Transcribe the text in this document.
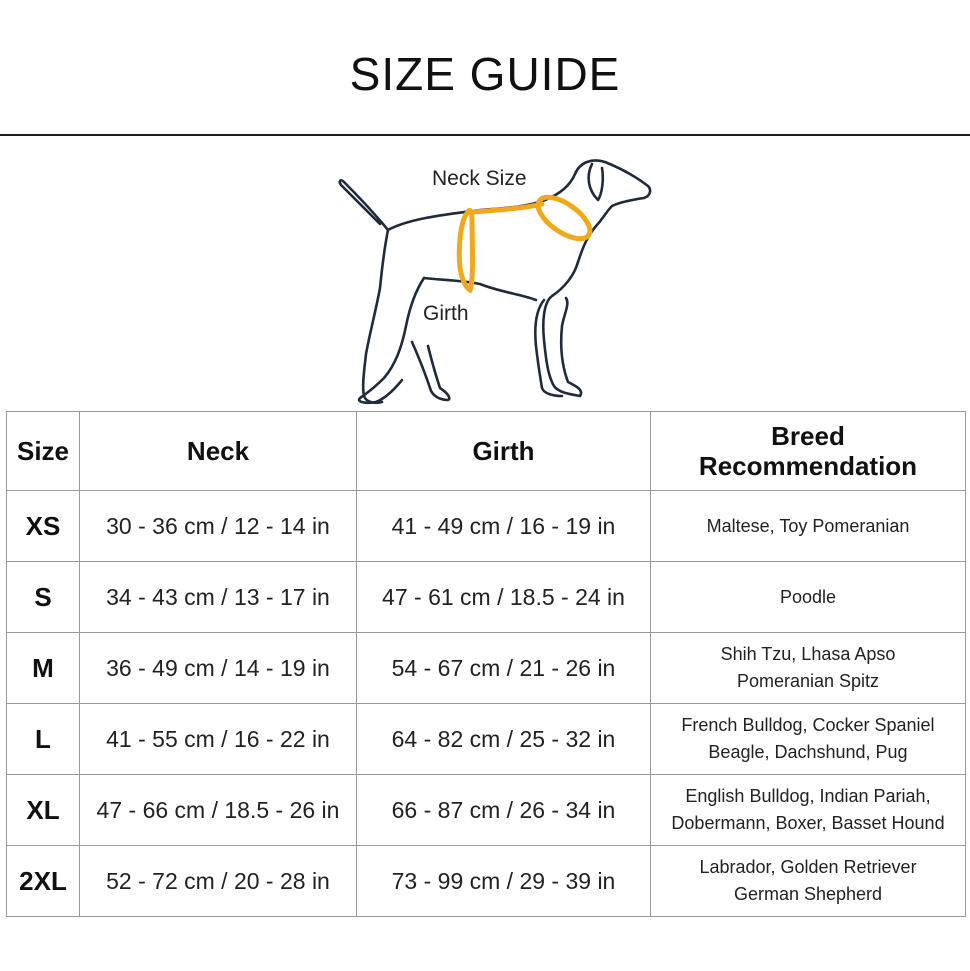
SIZE GUIDE
Neck Size
Girth
Size	Neck	Girth	Breed
Recommendation

XS	30 - 36 cm / 12 - 14 in	41 - 49 cm / 16 - 19 in	Maltese, Toy Pomeranian

S	34 - 43 cm / 13 - 17 in	47 - 61 cm / 18.5 - 24 in	Poodle

M	36 - 49 cm / 14 - 19 in	54 - 67 cm / 21 - 26 in	Shih Tzu, Lhasa Apso
Pomeranian Spitz

L	41 - 55 cm / 16 - 22 in	64 - 82 cm / 25 - 32 in	French Bulldog, Cocker Spaniel
Beagle, Dachshund, Pug

XL	47 - 66 cm / 18.5 - 26 in	66 - 87 cm / 26 - 34 in	English Bulldog, Indian Pariah,
Dobermann, Boxer, Basset Hound

2XL	52 - 72 cm / 20 - 28 in	73 - 99 cm / 29 - 39 in	Labrador, Golden Retriever
German Shepherd
